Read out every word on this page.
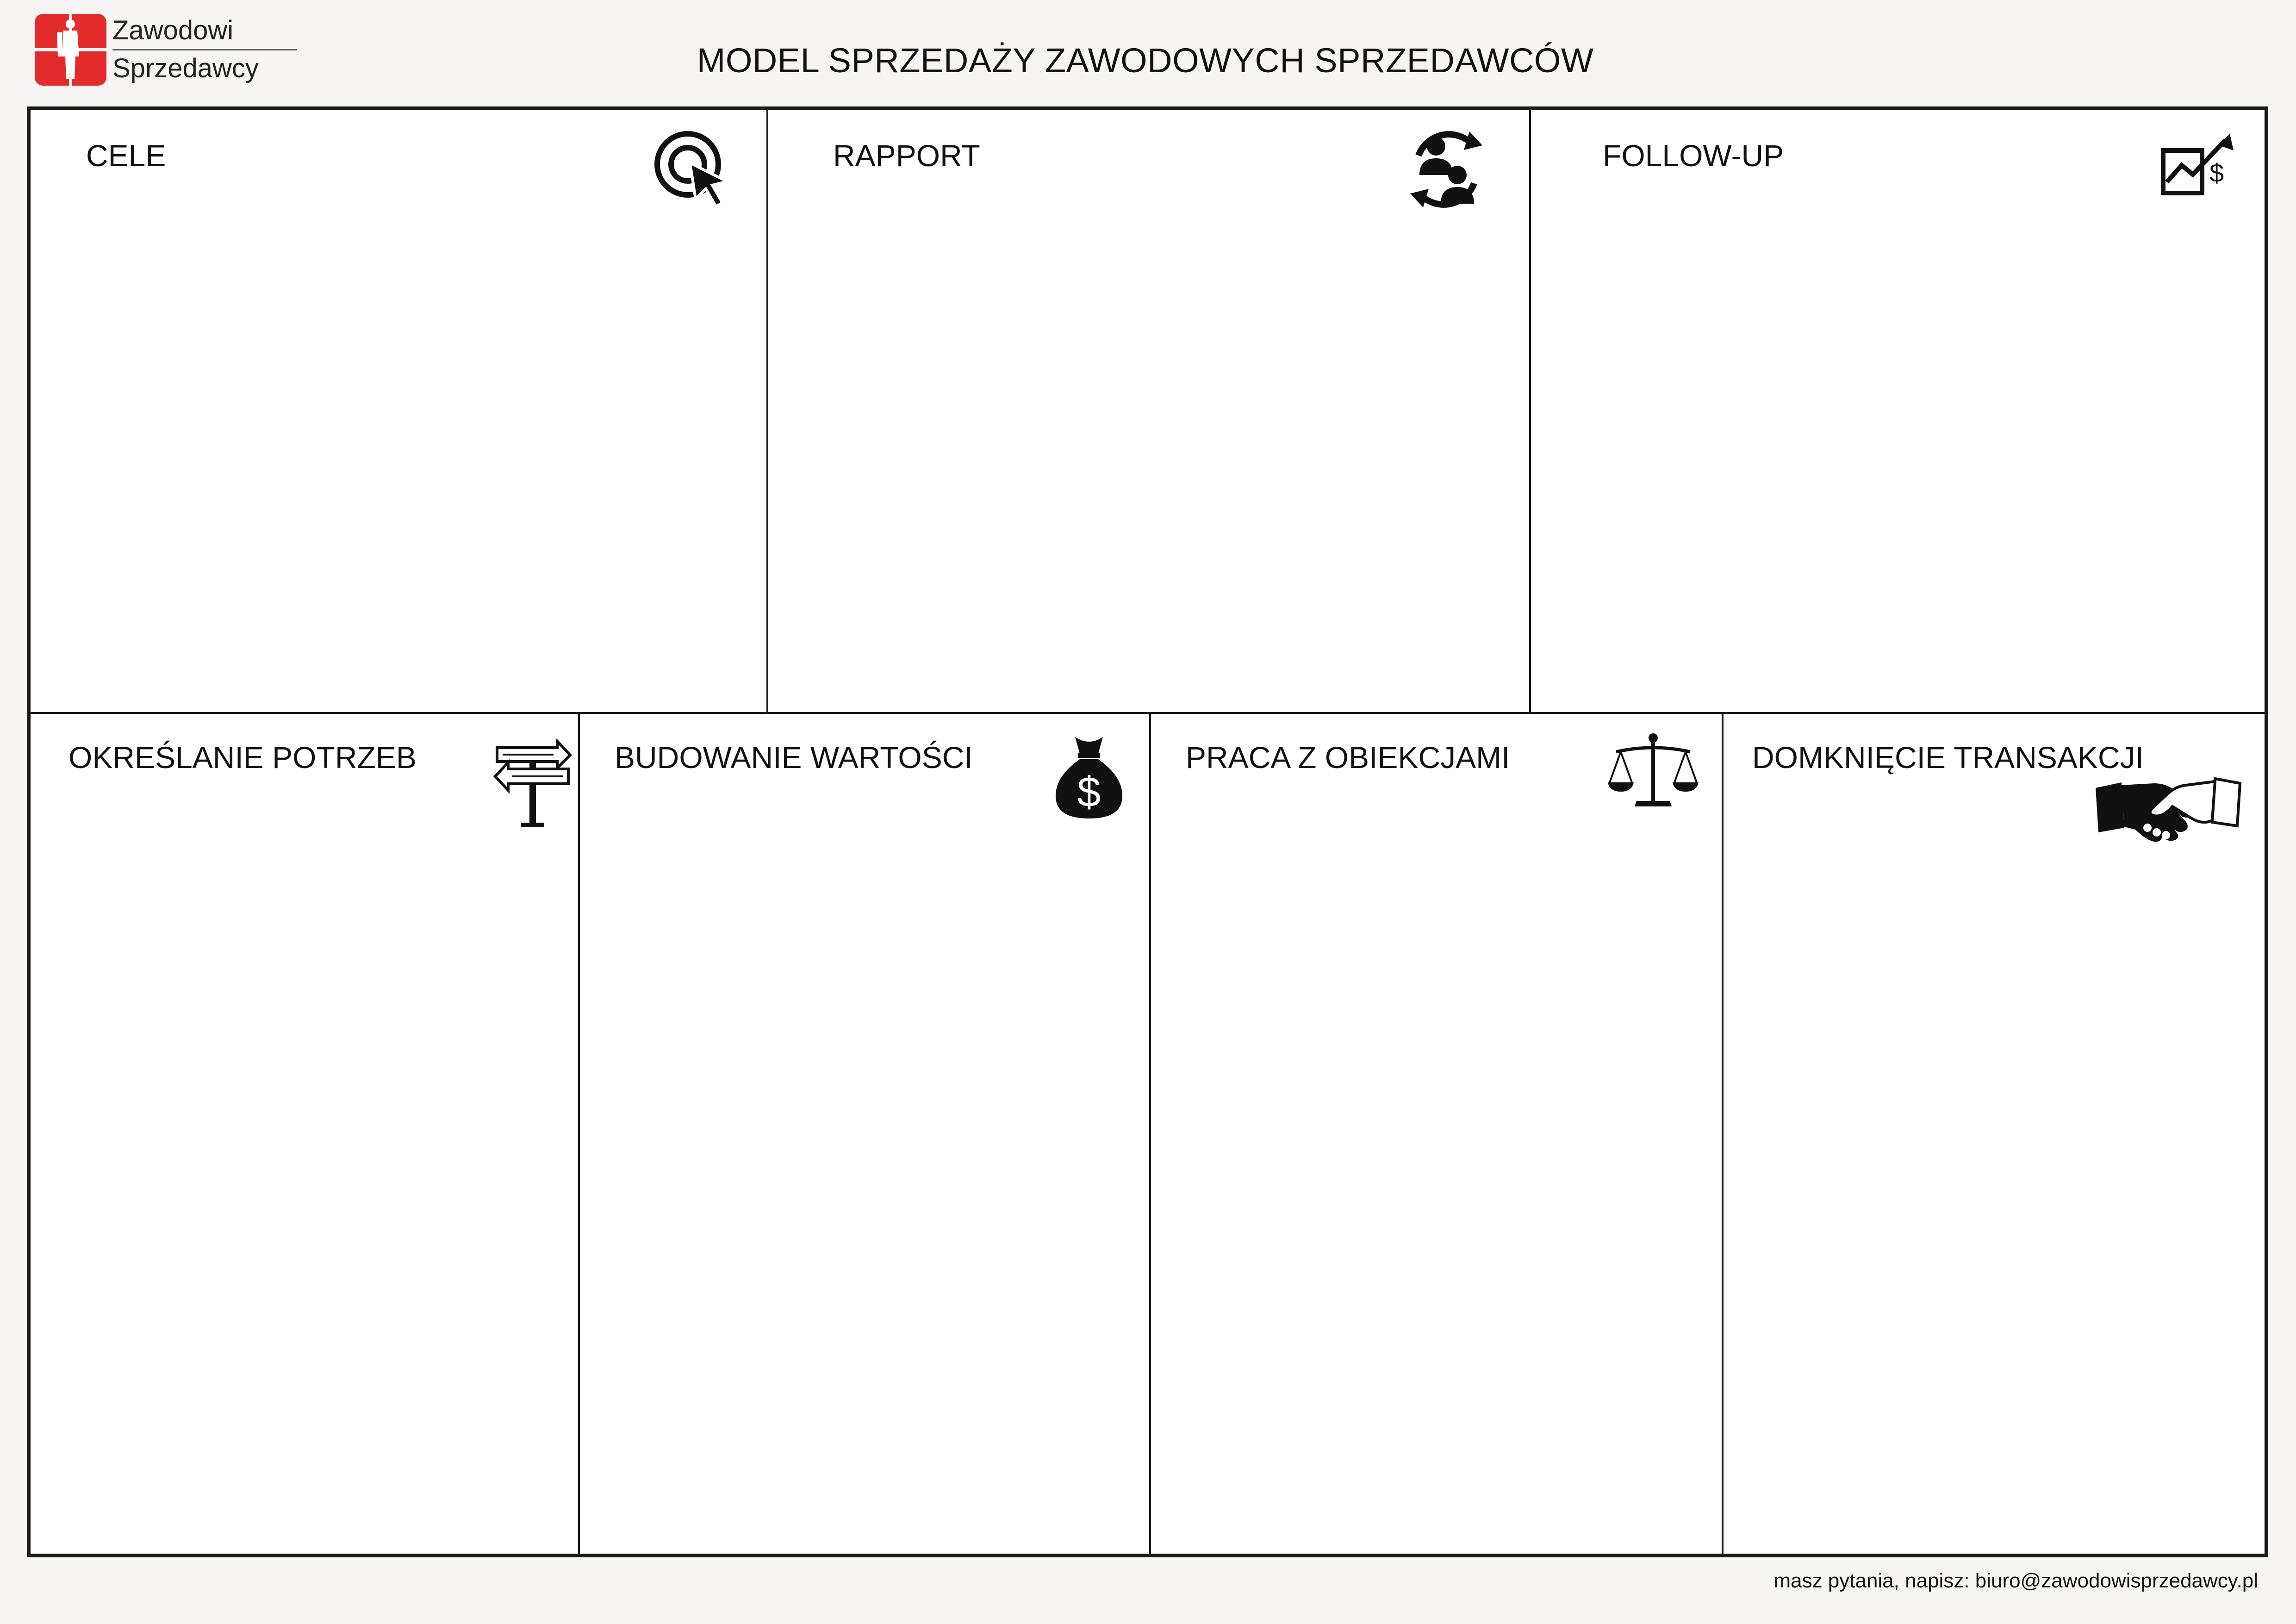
Zawodowi
Sprzedawcy	MODEL SPRZEDAŻY ZAWODOWYCH SPRZEDAWCÓW
CELE	RAPPORT	FOLLOW-UP
$
OKREŚLANIE POTRZEB	BUDOWANIE WARTOŚCI
$
PRACA Z OBIEKCJAMI	DOMKNIĘCIE TRANSAKCJI
masz pytania, napisz: biuro@zawodowisprzedawcy.pl
